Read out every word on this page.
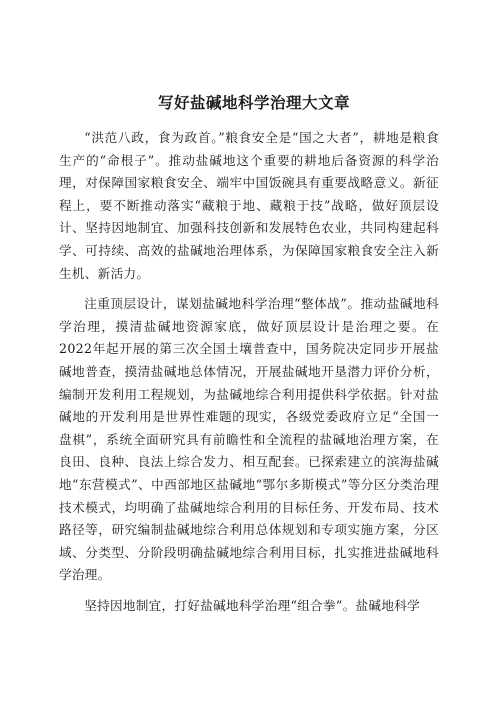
写好盐碱地科学治理大文章

“洪范八政，食为政首。”粮食安全是“国之大者”，耕地是粮食生产的“命根子”。推动盐碱地这个重要的耕地后备资源的科学治理，对保障国家粮食安全、端牢中国饭碗具有重要战略意义。新征程上，要不断推动落实“藏粮于地、藏粮于技”战略，做好顶层设计、坚持因地制宜、加强科技创新和发展特色农业，共同构建起科学、可持续、高效的盐碱地治理体系，为保障国家粮食安全注入新生机、新活力。

注重顶层设计，谋划盐碱地科学治理“整体战”。推动盐碱地科学治理，摸清盐碱地资源家底，做好顶层设计是治理之要。在2022年起开展的第三次全国土壤普查中，国务院决定同步开展盐碱地普查，摸清盐碱地总体情况，开展盐碱地开垦潜力评价分析，编制开发利用工程规划，为盐碱地综合利用提供科学依据。针对盐碱地的开发利用是世界性难题的现实，各级党委政府立足“全国一盘棋”，系统全面研究具有前瞻性和全流程的盐碱地治理方案，在良田、良种、良法上综合发力、相互配套。已探索建立的滨海盐碱地“东营模式”、中西部地区盐碱地“鄂尔多斯模式”等分区分类治理技术模式，均明确了盐碱地综合利用的目标任务、开发布局、技术路径等，研究编制盐碱地综合利用总体规划和专项实施方案，分区域、分类型、分阶段明确盐碱地综合利用目标，扎实推进盐碱地科学治理。

坚持因地制宜，打好盐碱地科学治理“组合拳”。盐碱地科学
